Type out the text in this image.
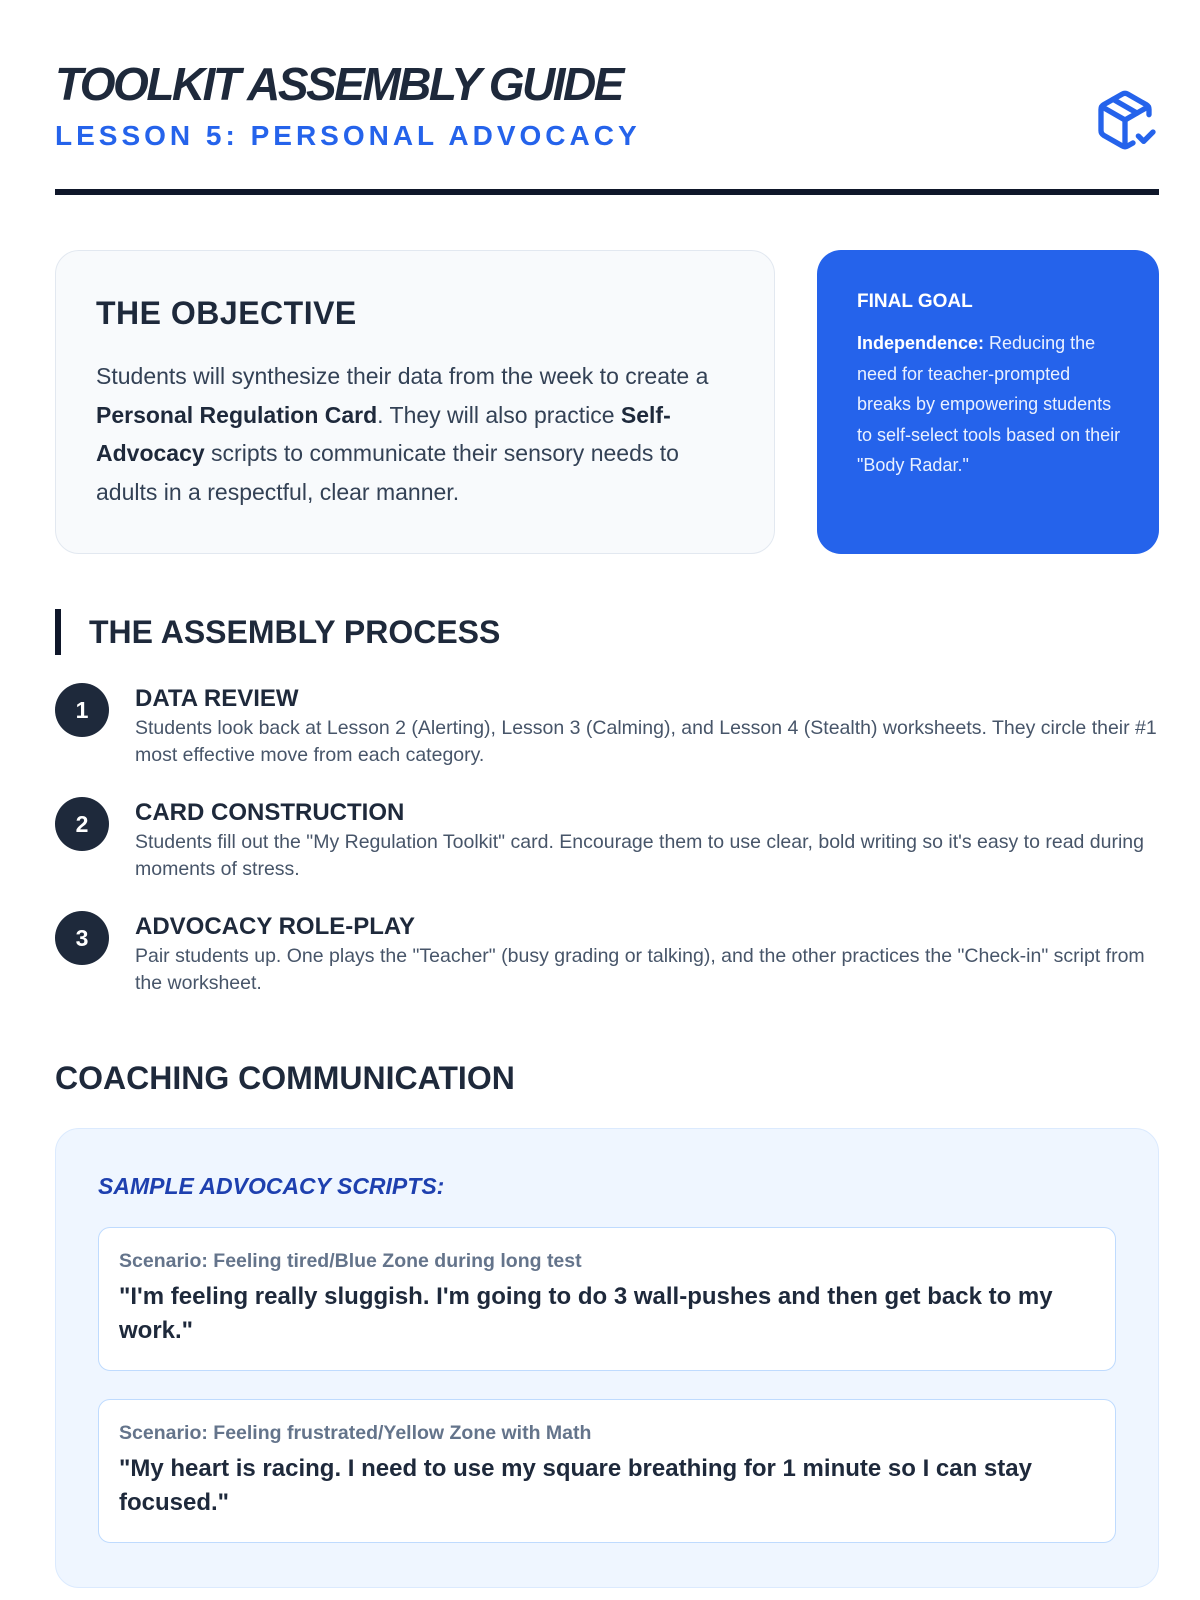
TOOLKIT ASSEMBLY GUIDE
LESSON 5: PERSONAL ADVOCACY
THE OBJECTIVE

Students will synthesize their data from the week to create a Personal Regulation Card. They will also practice Self-Advocacy scripts to communicate their sensory needs to adults in a respectful, clear manner.

FINAL GOAL

Independence: Reducing the need for teacher-prompted breaks by empowering students to self-select tools based on their "Body Radar."

THE ASSEMBLY PROCESS
1	DATA REVIEW
Students look back at Lesson 2 (Alerting), Lesson 3 (Calming), and Lesson 4 (Stealth) worksheets. They circle their #1 most effective move from each category.
2	CARD CONSTRUCTION
Students fill out the "My Regulation Toolkit" card. Encourage them to use clear, bold writing so it's easy to read during moments of stress.
3	ADVOCACY ROLE-PLAY
Pair students up. One plays the "Teacher" (busy grading or talking), and the other practices the "Check-in" script from the worksheet.
COACHING COMMUNICATION
SAMPLE ADVOCACY SCRIPTS:
Scenario: Feeling tired/Blue Zone during long test
"I'm feeling really sluggish. I'm going to do 3 wall-pushes and then get back to my work."
Scenario: Feeling frustrated/Yellow Zone with Math
"My heart is racing. I need to use my square breathing for 1 minute so I can stay focused."
